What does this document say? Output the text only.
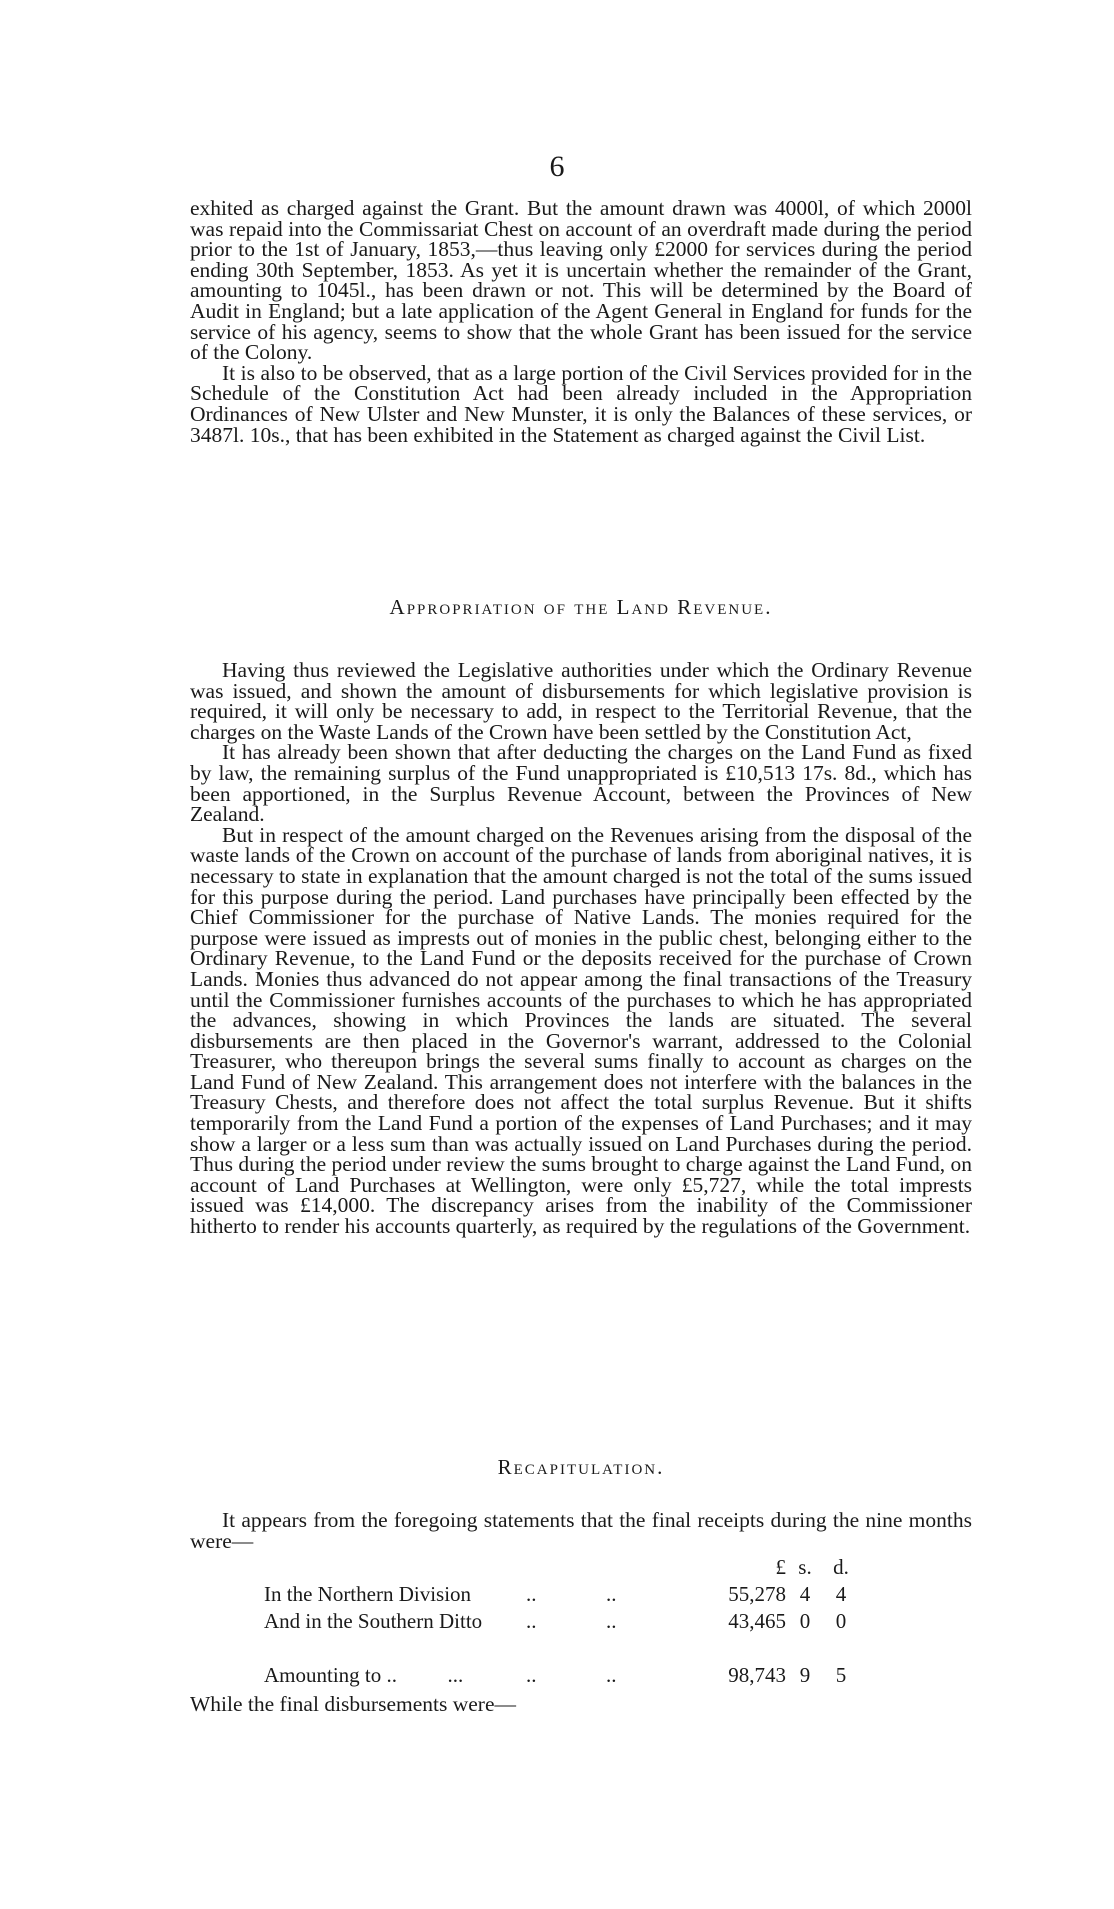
6

exhited as charged against the Grant. But the amount drawn was 4000l, of which 2000l was repaid into the Commissariat Chest on account of an overdraft made during the period prior to the 1st of January, 1853,—thus leaving only £2000 for services during the period ending 30th September, 1853. As yet it is uncertain whether the remainder of the Grant, amounting to 1045l., has been drawn or not. This will be determined by the Board of Audit in England; but a late application of the Agent General in England for funds for the service of his agency, seems to show that the whole Grant has been issued for the service of the Colony.

It is also to be observed, that as a large portion of the Civil Services provided for in the Schedule of the Constitution Act had been already included in the Appropriation Ordinances of New Ulster and New Munster, it is only the Balances of these services, or 3487l. 10s., that has been exhibited in the Statement as charged against the Civil List.

Appropriation of the Land Revenue.

Having thus reviewed the Legislative authorities under which the Ordinary Revenue was issued, and shown the amount of disbursements for which legislative provision is required, it will only be necessary to add, in respect to the Territorial Revenue, that the charges on the Waste Lands of the Crown have been settled by the Constitution Act,

It has already been shown that after deducting the charges on the Land Fund as fixed by law, the remaining surplus of the Fund unappropriated is £10,513 17s. 8d., which has been apportioned, in the Surplus Revenue Account, between the Provinces of New Zealand.

But in respect of the amount charged on the Revenues arising from the disposal of the waste lands of the Crown on account of the purchase of lands from aboriginal natives, it is necessary to state in explanation that the amount charged is not the total of the sums issued for this purpose during the period. Land purchases have principally been effected by the Chief Commissioner for the purchase of Native Lands. The monies required for the purpose were issued as imprests out of monies in the public chest, belonging either to the Ordinary Revenue, to the Land Fund or the deposits received for the purchase of Crown Lands. Monies thus advanced do not appear among the final transactions of the Treasury until the Commissioner furnishes accounts of the purchases to which he has appropriated the advances, showing in which Provinces the lands are situated. The several disbursements are then placed in the Governor's warrant, addressed to the Colonial Treasurer, who thereupon brings the several sums finally to account as charges on the Land Fund of New Zealand. This arrangement does not interfere with the balances in the Treasury Chests, and therefore does not affect the total surplus Revenue. But it shifts temporarily from the Land Fund a portion of the expenses of Land Purchases; and it may show a larger or a less sum than was actually issued on Land Purchases during the period. Thus during the period under review the sums brought to charge against the Land Fund, on account of Land Purchases at Wellington, were only £5,727, while the total imprests issued was £14,000. The discrepancy arises from the inability of the Commissioner hitherto to render his accounts quarterly, as required by the regulations of the Government.

Recapitulation.

It appears from the foregoing statements that the final receipts during the nine months were—

			£	s.	d.
In the Northern Division	..	..	55,278	4	4
And in the Southern Ditto	..	..	43,465	0	0

Amounting to .. ...	..	..	98,743	9	5

While the final disbursements were—
